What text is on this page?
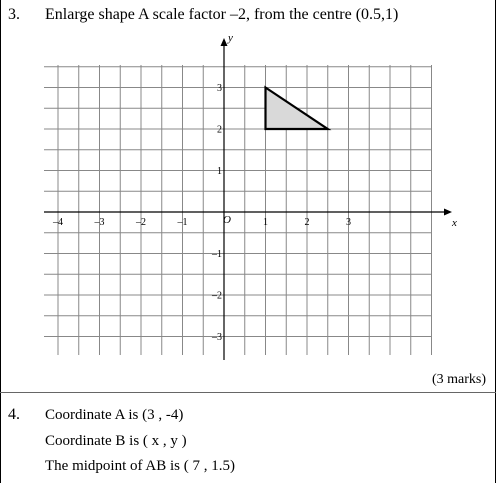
3. Enlarge shape A scale factor –2, from the centre (0.5,1)
x
y
O
–4	–3	–2	–1	1	2	3
3
2
1
–1
–2
–3
(3 marks)
4. Coordinate A is (3 , -4)
Coordinate B is ( x , y )
The midpoint of AB is ( 7 , 1.5)
